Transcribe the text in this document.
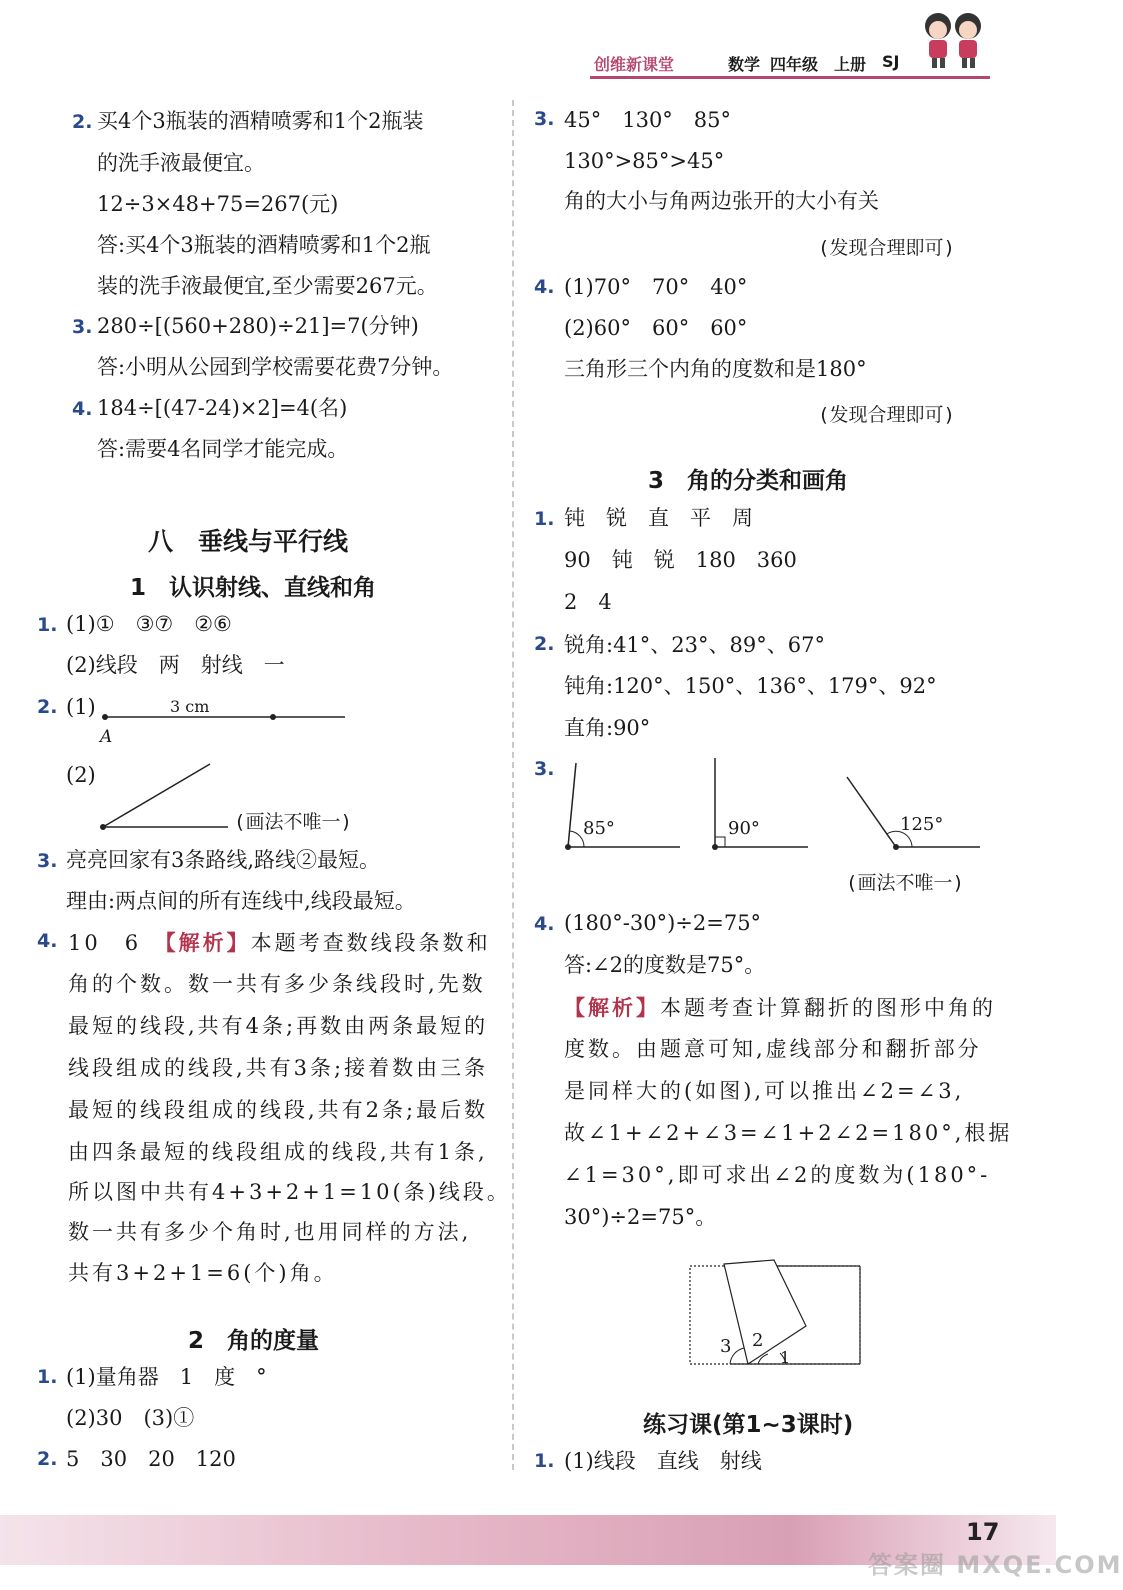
创维新课堂	数学 四年级 上册 SJ
2. 买4个3瓶装的酒精喷雾和1个2瓶装
的洗手液最便宜。
12÷3×48+75=267(元)
答:买4个3瓶装的酒精喷雾和1个2瓶
装的洗手液最便宜,至少需要267元。
3. 280÷[(560+280)÷21]=7(分钟)
答:小明从公园到学校需要花费7分钟。
4. 184÷[(47-24)×2]=4(名)
答:需要4名同学才能完成。
八　垂线与平行线
1　认识射线、直线和角
1. (1)①　③⑦　②⑥
(2)线段　两　射线　一
2. (1)	3 cm
A
(2)
(画法不唯一)
3. 亮亮回家有3条路线,路线②最短。
理由:两点间的所有连线中,线段最短。
4. 10　6　【解析】本题考查数线段条数和
角的个数。数一共有多少条线段时,先数
最短的线段,共有4条;再数由两条最短的
线段组成的线段,共有3条;接着数由三条
最短的线段组成的线段,共有2条;最后数
由四条最短的线段组成的线段,共有1条,
所以图中共有4+3+2+1=10(条)线段。
数一共有多少个角时,也用同样的方法,
共有3+2+1=6(个)角。
2　角的度量
1. (1)量角器　1　度　°
(2)30　(3)①
2. 5　30　20　120
3. 45°　130°　85°
130°>85°>45°
角的大小与角两边张开的大小有关
(发现合理即可)
4. (1)70°　70°　40°
(2)60°　60°　60°
三角形三个内角的度数和是180°
(发现合理即可)
3　角的分类和画角
1. 钝　锐　直　平　周
90　钝　锐　180　360
2　4
2. 锐角:41°、23°、89°、67°
钝角:120°、150°、136°、179°、92°
直角:90°
3.
85°	90°	125°
(画法不唯一)
4. (180°-30°)÷2=75°
答:∠2的度数是75°。
【解析】本题考查计算翻折的图形中角的
度数。由题意可知,虚线部分和翻折部分
是同样大的(如图),可以推出∠2=∠3,
故∠1+∠2+∠3=∠1+2∠2=180°,根据
∠1=30°,即可求出∠2的度数为(180°-
30°)÷2=75°。
3 2
1
练习课(第1~3课时)
1. (1)线段　直线　射线
17
答案圈 MXQE.COM
